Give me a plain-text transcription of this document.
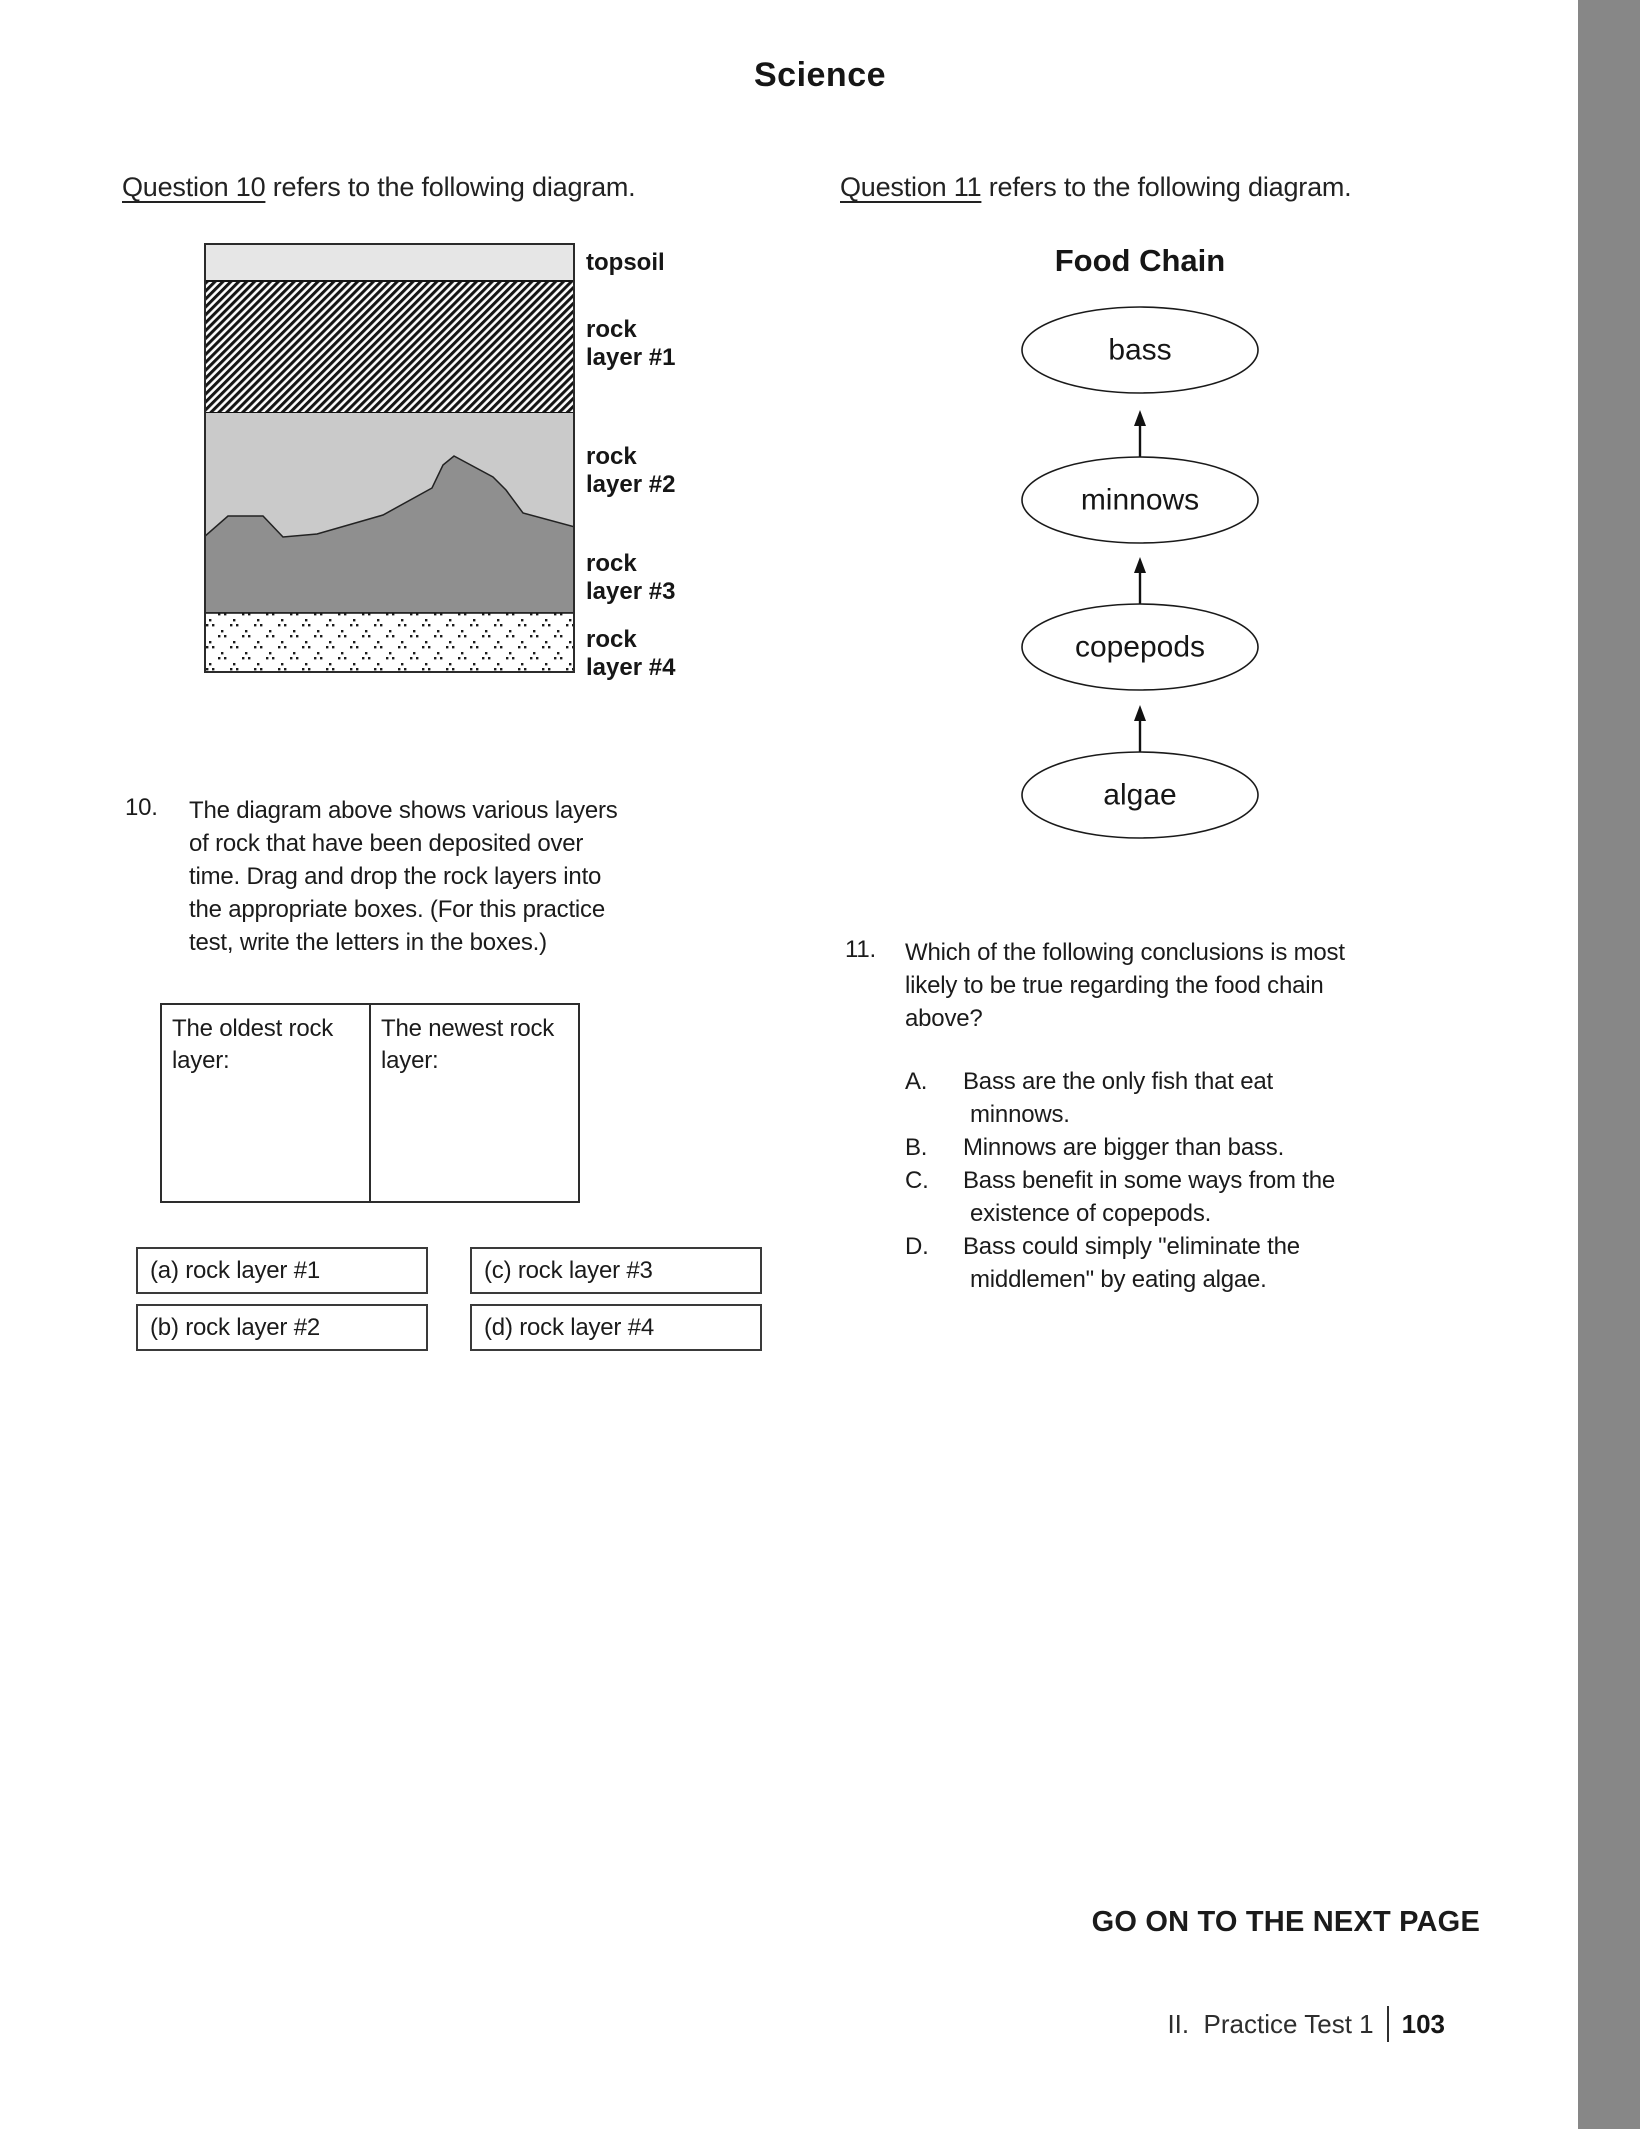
Science
Question 10 refers to the following diagram.
topsoil
rock
layer #1
rock
layer #2
rock
layer #3
rock
layer #4
10.	The diagram above shows various layers
of rock that have been deposited over
time. Drag and drop the rock layers into
the appropriate boxes. (For this practice
test, write the letters in the boxes.)
The oldest rock layer:
The newest rock layer:
(a) rock layer #1	(c) rock layer #3
(b) rock layer #2	(d) rock layer #4
Question 11 refers to the following diagram.
Food Chain
bass
minnows
copepods
algae
11.	Which of the following conclusions is most
likely to be true regarding the food chain
above?
A.	Bass are the only fish that eat
minnows.
B.	Minnows are bigger than bass.
C.	Bass benefit in some ways from the
existence of copepods.
D.	Bass could simply "eliminate the
middlemen" by eating algae.
GO ON TO THE NEXT PAGE
II.  Practice Test 1 103
